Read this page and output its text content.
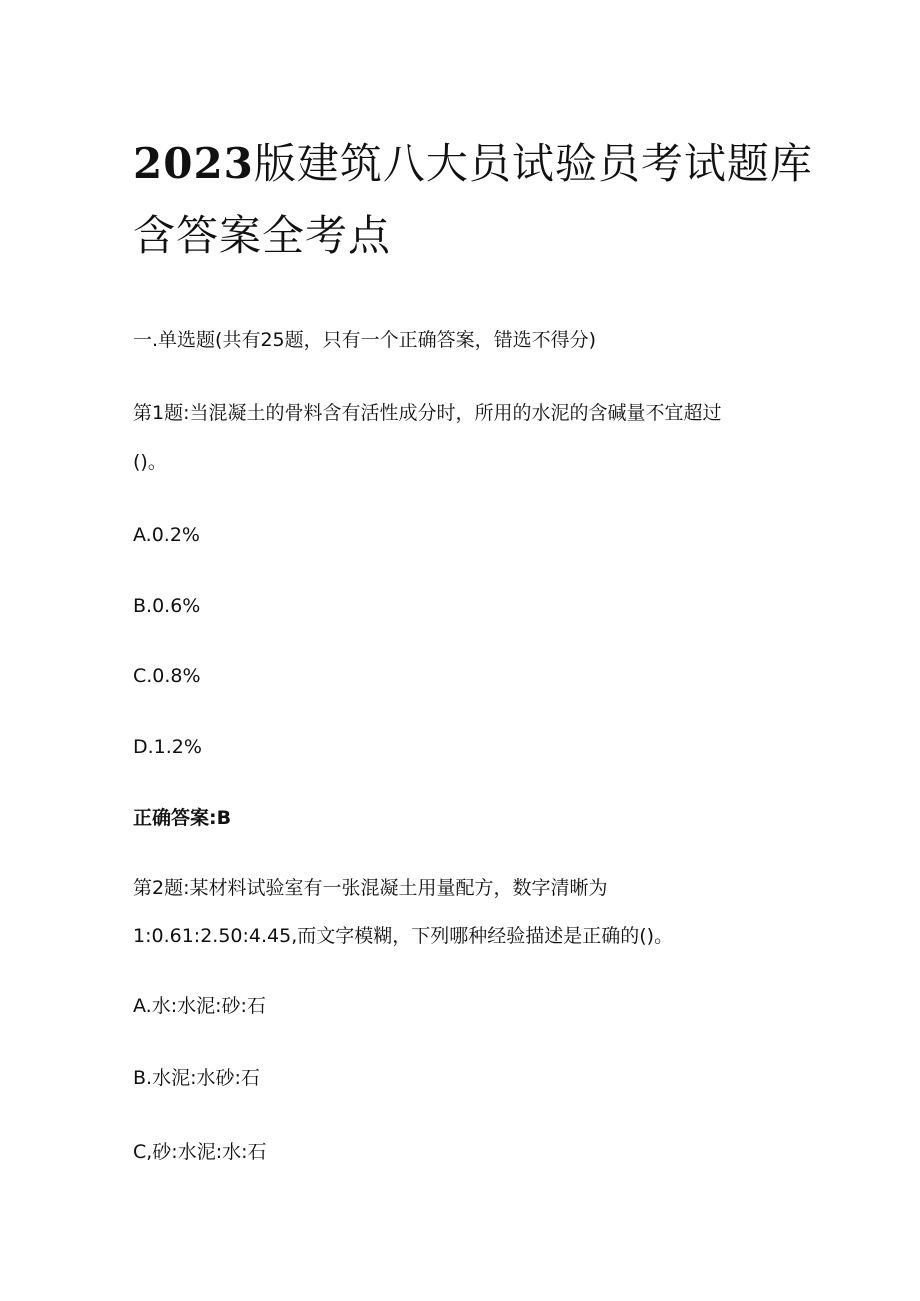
2023版建筑八大员试验员考试题库
含答案全考点
一.单选题(共有25题，只有一个正确答案，错选不得分)
第1题:当混凝土的骨料含有活性成分时，所用的水泥的含碱量不宜超过
()。
A.0.2%
B.0.6%
C.0.8%
D.1.2%
正确答案:B
第2题:某材料试验室有一张混凝土用量配方，数字清晰为
1:0.61:2.50:4.45,而文字模糊，下列哪种经验描述是正确的()。
A.水:水泥:砂:石
B.水泥:水砂:石
C,砂:水泥:水:石
